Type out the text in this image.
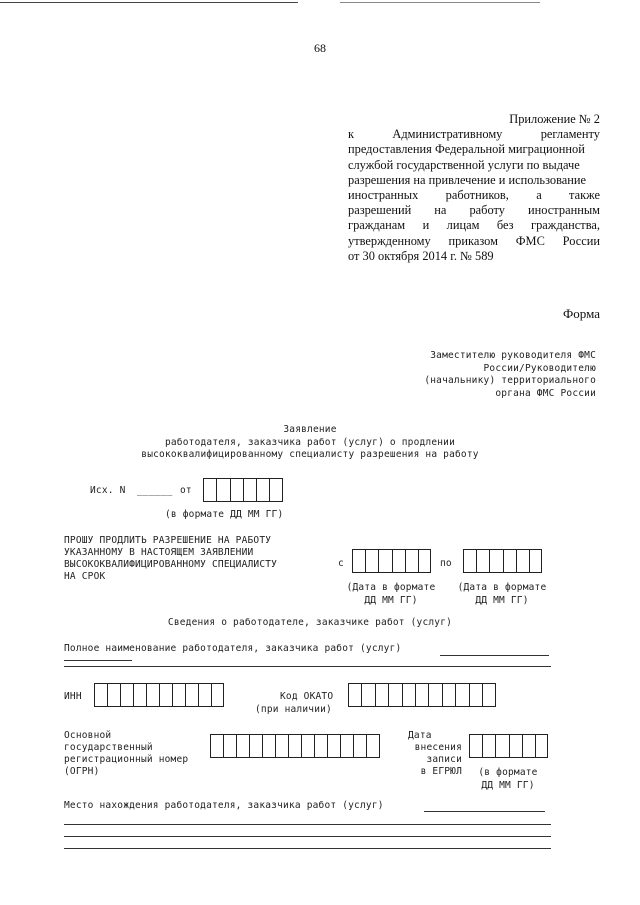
68
Приложение № 2
к Административному регламенту
предоставления Федеральной миграционной
службой государственной услуги по выдаче
разрешения на привлечение и использование
иностранных работников, а также
разрешений на работу иностранным
гражданам и лицам без гражданства,
утвержденному приказом ФМС России
от 30 октября 2014 г. № 589
Форма
Заместителю руководителя ФМС
России/Руководителю
(начальнику) территориального
органа ФМС России
Заявление
работодателя, заказчика работ (услуг) о продлении
высококвалифицированному специалисту разрешения на работу
Исх. N ______ от
(в формате ДД ММ ГГ)
ПРОШУ ПРОДЛИТЬ РАЗРЕШЕНИЕ НА РАБОТУ
УКАЗАННОМУ В НАСТОЯЩЕМ ЗАЯВЛЕНИИ
ВЫСОКОКВАЛИФИЦИРОВАННОМУ СПЕЦИАЛИСТУ
НА СРОК
с
(Дата в формате
ДД ММ ГГ)
по
(Дата в формате
ДД ММ ГГ)
Сведения о работодателе, заказчике работ (услуг)
Полное наименование работодателя, заказчика работ (услуг)
ИНН	Код ОКАТО
(при наличии)
Основной
государственный
регистрационный номер
(ОГРН)
Дата
внесения
записи
в ЕГРЮЛ	(в формате
ДД ММ ГГ)
Место нахождения работодателя, заказчика работ (услуг)
